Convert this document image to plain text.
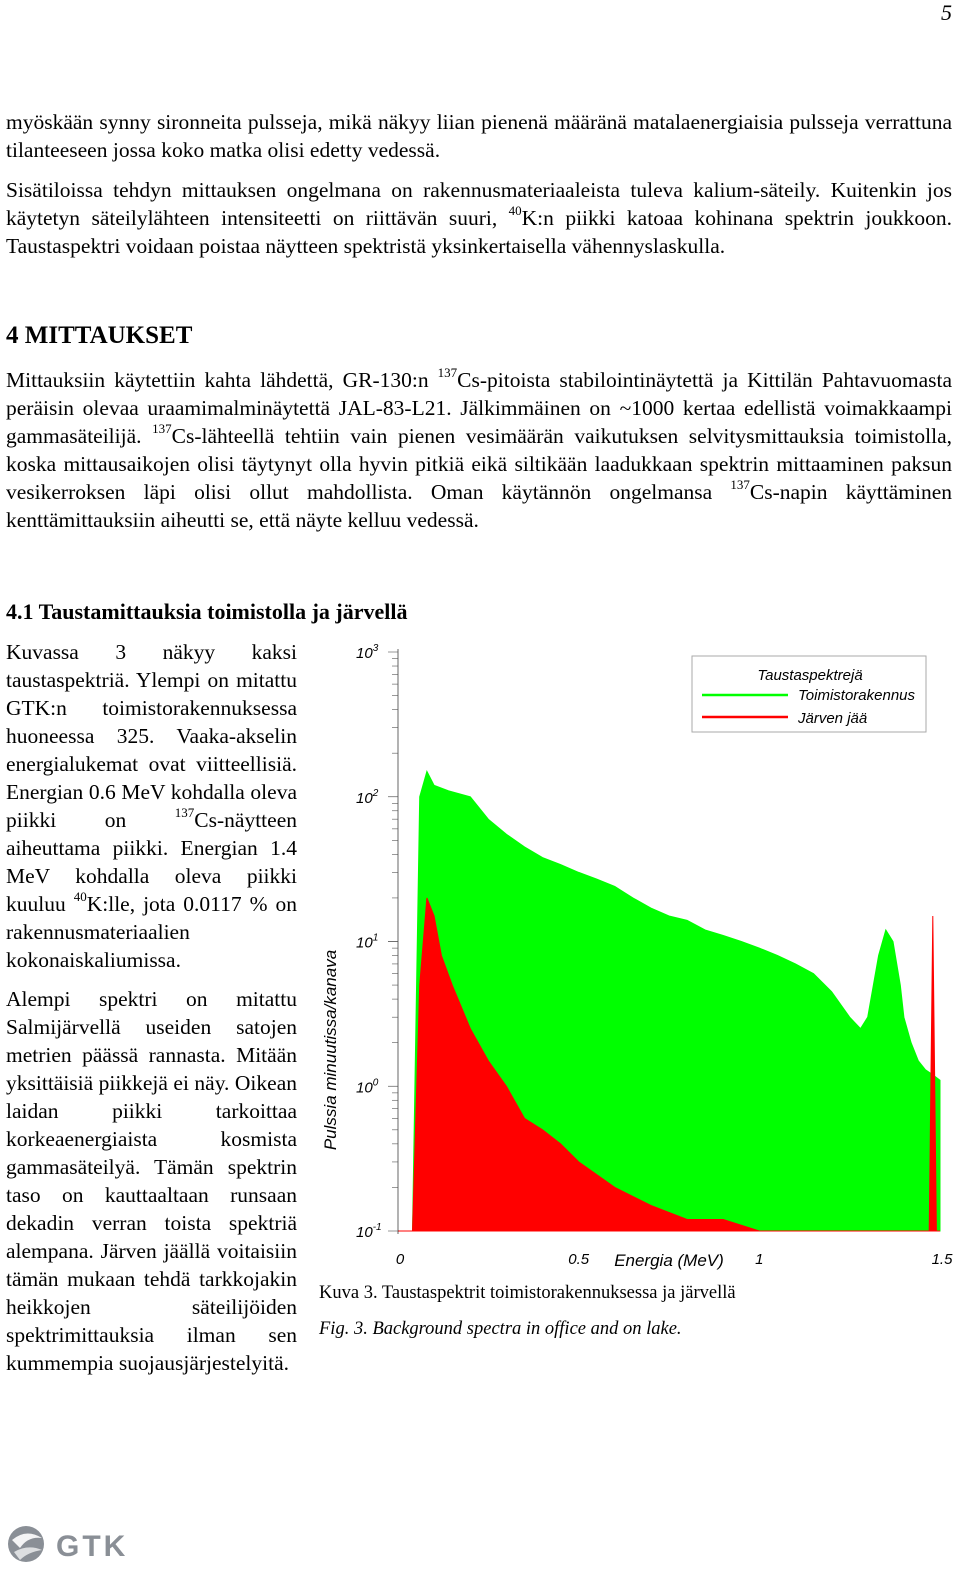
5
myöskään synny sironneita pulsseja, mikä näkyy liian pienenä määränä matalaenergiaisia pulsseja verrattuna tilanteeseen jossa koko matka olisi edetty vedessä.
Sisätiloissa tehdyn mittauksen ongelmana on rakennusmateriaaleista tuleva kalium-säteily. Kuitenkin jos käytetyn säteilylähteen intensiteetti on riittävän suuri, $^{40}$K:n piikki katoaa kohinana spektrin joukkoon. Taustaspektri voidaan poistaa näytteen spektristä yksinkertaisella vähennyslaskulla.
4 MITTAUKSET
Mittauksiin käytettiin kahta lähdettä, GR-130:n $^{137}$Cs-pitoista stabilointinäytettä ja Kittilän Pahtavuomasta peräisin olevaa uraamimalminäytettä JAL-83-L21. Jälkimmäinen on ~1000 kertaa edellistä voimakkaampi gammasäteilijä. $^{137}$Cs-lähteellä tehtiin vain pienen vesimäärän vaikutuksen selvitysmittauksia toimistolla, koska mittausaikojen olisi täytynyt olla hyvin pitkiä eikä siltikään laadukkaan spektrin mittaaminen paksun vesikerroksen läpi olisi ollut mahdollista. Oman käytännön ongelmansa $^{137}$Cs-napin käyttäminen kenttämittauksiin aiheutti se, että näyte kelluu vedessä.
4.1 Taustamittauksia toimistolla ja järvellä

Kuvassa 3 näkyy kaksi taustaspektriä. Ylempi on mitattu GTK:n toimistorakennuksessa huoneessa 325. Vaaka-akselin energialukemat ovat viitteellisiä. Energian 0.6 MeV kohdalla oleva piikki on $^{137}$Cs-näytteen aiheuttama piikki. Energian 1.4 MeV kohdalla oleva piikki kuuluu $^{40}$K:lle, jota 0.0117 % on rakennusmateriaalien kokonaiskaliumissa.

Alempi spektri on mitattu Salmijärvellä useiden satojen metrien päässä rannasta. Mitään yksittäisiä piikkejä ei näy. Oikean laidan piikki tarkoittaa korkeaenergiaista kosmista gammasäteilyä. Tämän spektrin taso on kauttaaltaan runsaan dekadin verran toista spektriä alempana. Järven jäällä voitaisiin tämän mukaan tehdä tarkkojakin heikkojen säteilijöiden spektrimittauksia ilman sen kummempia suojausjärjestelyitä.

$10^3$
$10^2$
$10^1$
$10^0$
$10^{-1}$
0	0.5	1	1.5
Pulssia minuutissa/kanava
Energia (MeV)
Taustaspektrejä
Toimistorakennus
Järven jää
Kuva 3. Taustaspektrit toimistorakennuksessa ja järvellä
Fig. 3. Background spectra in office and on lake.
GTK
